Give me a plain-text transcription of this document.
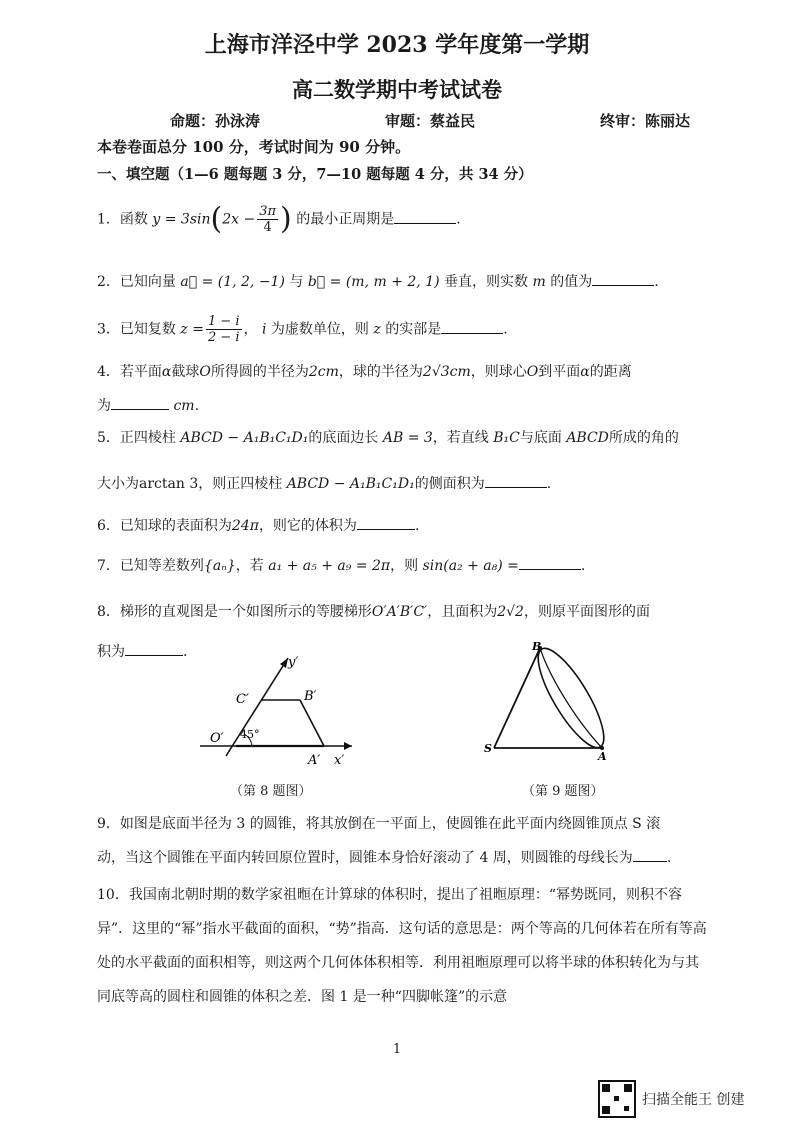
上海市洋泾中学 2023 学年度第一学期
高二数学期中考试试卷
命题：孙泳涛	审题：蔡益民	终审：陈丽达
本卷卷面总分 100 分，考试时间为 90 分钟。
一、填空题（1—6 题每题 3 分，7—10 题每题 4 分，共 34 分）
1．函数 $y = 3\sin(2x - \frac{3\pi}{4}$ ) 的最小正周期是	.
2．已知向量 a⃗ = (1, 2, −1) 与 b⃗ = (m, m + 2, 1) 垂直，则实数 m 的值为	.
3．已知复数 $z = \frac{1 - i}{2 - i}$ ， i 为虚数单位，则 z 的实部是	.
4．若平面α截球O所得圆的半径为2cm，球的半径为2√3cm，则球心O到平面α的距离
为	cm.
5．正四棱柱 ABCD − A₁B₁C₁D₁的底面边长 AB = 3，若直线 B₁C与底面 ABCD所成的角的
大小为arctan 3，则正四棱柱 ABCD − A₁B₁C₁D₁的侧面积为	.
6．已知球的表面积为24π，则它的体积为	.
7．已知等差数列{aₙ}，若 a₁ + a₅ + a₉ = 2π，则 sin(a₂ + a₈) =	.
8．梯形的直观图是一个如图所示的等腰梯形O′A′B′C′，且面积为2√2，则原平面图形的面
积为	.
y′
C′	B′
O′ 45°
A′ x′
（第 8 题图）
B
S
A
（第 9 题图）
9．如图是底面半径为 3 的圆锥，将其放倒在一平面上，使圆锥在此平面内绕圆锥顶点 S 滚
动，当这个圆锥在平面内转回原位置时，圆锥本身恰好滚动了 4 周，则圆锥的母线长为 .
10．我国南北朝时期的数学家祖暅在计算球的体积时，提出了祖暅原理：“幂势既同，则积不容异”．这里的“幂”指水平截面的面积，“势”指高．这句话的意思是：两个等高的几何体若在所有等高处的水平截面的面积相等，则这两个几何体体积相等．利用祖暅原理可以将半球的体积转化为与其同底等高的圆柱和圆锥的体积之差．图 1 是一种“四脚帐篷”的示意
1
扫描全能王 创建
